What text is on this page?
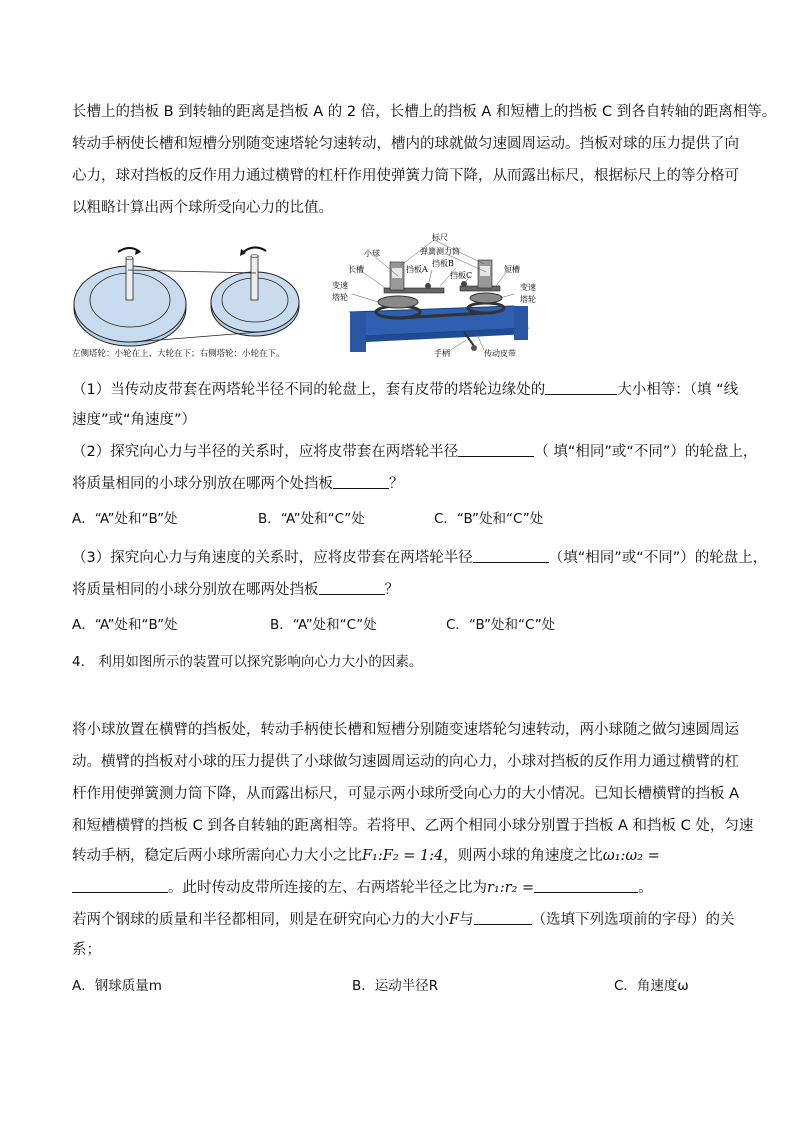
长槽上的挡板 B 到转轴的距离是挡板 A 的 2 倍，长槽上的挡板 A 和短槽上的挡板 C 到各自转轴的距离相等。
转动手柄使长槽和短槽分别随变速塔轮匀速转动，槽内的球就做匀速圆周运动。挡板对球的压力提供了向
心力，球对挡板的反作用力通过横臂的杠杆作用使弹簧力筒下降，从而露出标尺，根据标尺上的等分格可
以粗略计算出两个球所受向心力的比值。
左侧塔轮：小轮在上、大轮在下；右侧塔轮：小轮在下。
标尺
小球	弹簧测力筒
挡板B
长槽	挡板A
挡板C
短槽
变速
塔轮
变速
塔轮
手柄	传动皮带
（1）当传动皮带套在两塔轮半径不同的轮盘上，套有皮带的塔轮边缘处的	大小相等：（填 “线
速度”或“角速度”）
（2）探究向心力与半径的关系时，应将皮带套在两塔轮半径	（ 填“相同”或“不同”）的轮盘上，
将质量相同的小球分别放在哪两个处挡板	？
A．“A”处和“B”处	B．“A”处和“C”处	C．“B”处和“C”处
（3）探究向心力与角速度的关系时，应将皮带套在两塔轮半径	（填“相同”或“不同”）的轮盘上，
将质量相同的小球分别放在哪两处挡板	？
A．“A”处和“B”处	B．“A”处和“C”处	C．“B”处和“C”处
4． 利用如图所示的装置可以探究影响向心力大小的因素。
将小球放置在横臂的挡板处，转动手柄使长槽和短槽分别随变速塔轮匀速转动，两小球随之做匀速圆周运
动。横臂的挡板对小球的压力提供了小球做匀速圆周运动的向心力，小球对挡板的反作用力通过横臂的杠
杆作用使弹簧测力筒下降，从而露出标尺，可显示两小球所受向心力的大小情况。已知长槽横臂的挡板 A
和短槽横臂的挡板 C 到各自转轴的距离相等。若将甲、乙两个相同小球分别置于挡板 A 和挡板 C 处，匀速
转动手柄，稳定后两小球所需向心力大小之比F₁:F₂ = 1:4，则两小球的角速度之比ω₁:ω₂ =
。此时传动皮带所连接的左、右两塔轮半径之比为r₁:r₂ =	。
若两个钢球的质量和半径都相同，则是在研究向心力的大小F与	（选填下列选项前的字母）的关
系；
A．钢球质量m	B．运动半径R	C．角速度ω
